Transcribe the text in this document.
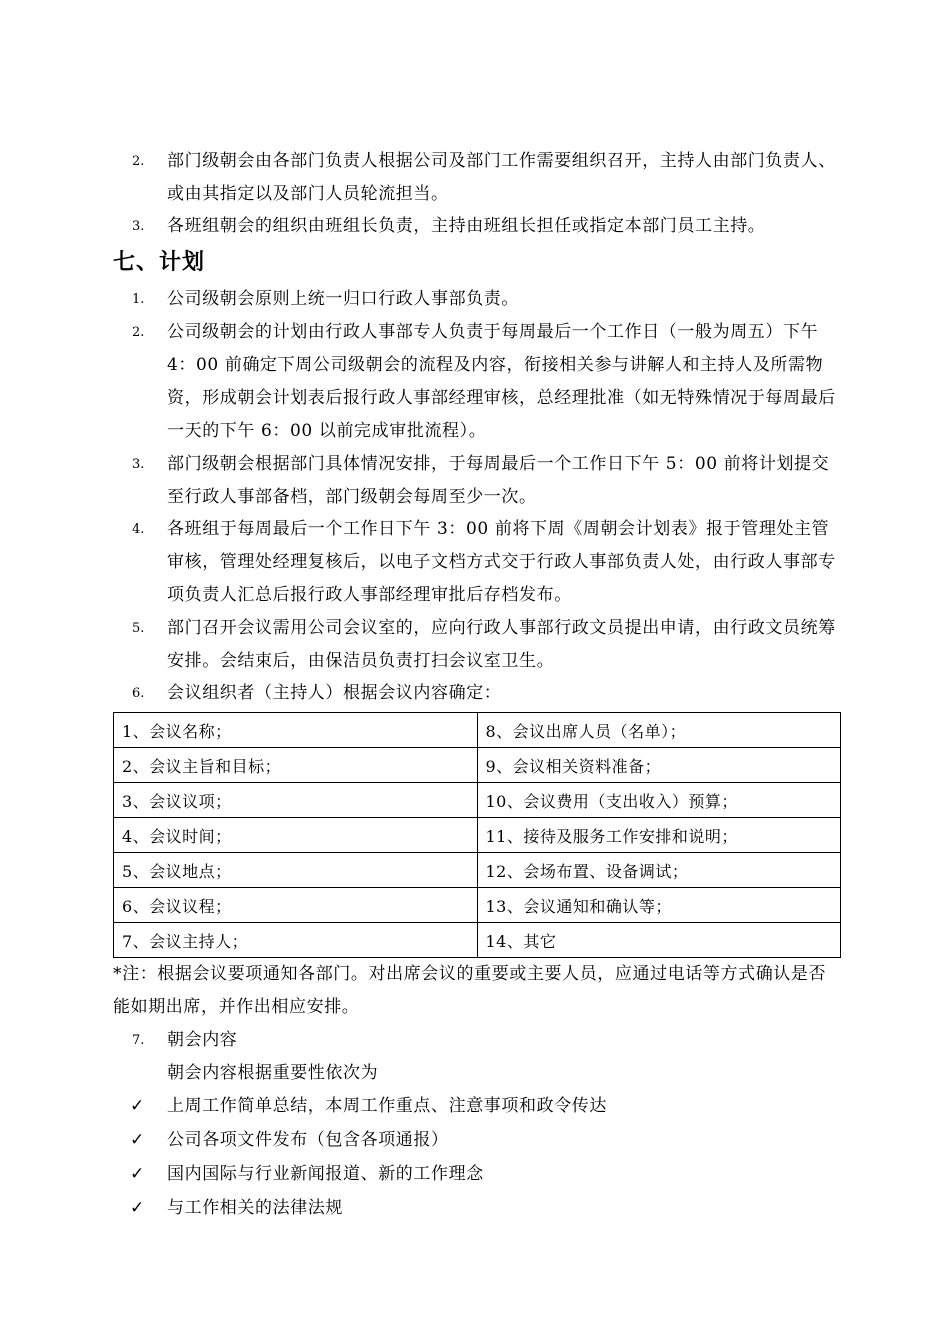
2.	部门级朝会由各部门负责人根据公司及部门工作需要组织召开，主持人由部门负责人、或由其指定以及部门人员轮流担当。
3.	各班组朝会的组织由班组长负责，主持由班组长担任或指定本部门员工主持。
七、计划
1.	公司级朝会原则上统一归口行政人事部负责。
2.	公司级朝会的计划由行政人事部专人负责于每周最后一个工作日（一般为周五）下午 4：00 前确定下周公司级朝会的流程及内容，衔接相关参与讲解人和主持人及所需物资，形成朝会计划表后报行政人事部经理审核，总经理批准（如无特殊情况于每周最后一天的下午 6：00 以前完成审批流程）。
3.	部门级朝会根据部门具体情况安排，于每周最后一个工作日下午 5：00 前将计划提交至行政人事部备档，部门级朝会每周至少一次。
4.	各班组于每周最后一个工作日下午 3：00 前将下周《周朝会计划表》报于管理处主管审核，管理处经理复核后，以电子文档方式交于行政人事部负责人处，由行政人事部专项负责人汇总后报行政人事部经理审批后存档发布。
5.	部门召开会议需用公司会议室的，应向行政人事部行政文员提出申请，由行政文员统筹安排。会结束后，由保洁员负责打扫会议室卫生。
6.	会议组织者（主持人）根据会议内容确定：
1、会议名称；	8、会议出席人员（名单）；
2、会议主旨和目标；	9、会议相关资料准备；
3、会议议项；	10、会议费用（支出收入）预算；
4、会议时间；	11、接待及服务工作安排和说明；
5、会议地点；	12、会场布置、设备调试；
6、会议议程；	13、会议通知和确认等；
7、会议主持人；	14、其它
*注：根据会议要项通知各部门。对出席会议的重要或主要人员，应通过电话等方式确认是否能如期出席，并作出相应安排。
7.	朝会内容
朝会内容根据重要性依次为
✓ 上周工作简单总结，本周工作重点、注意事项和政令传达
✓ 公司各项文件发布（包含各项通报）
✓ 国内国际与行业新闻报道、新的工作理念
✓ 与工作相关的法律法规
